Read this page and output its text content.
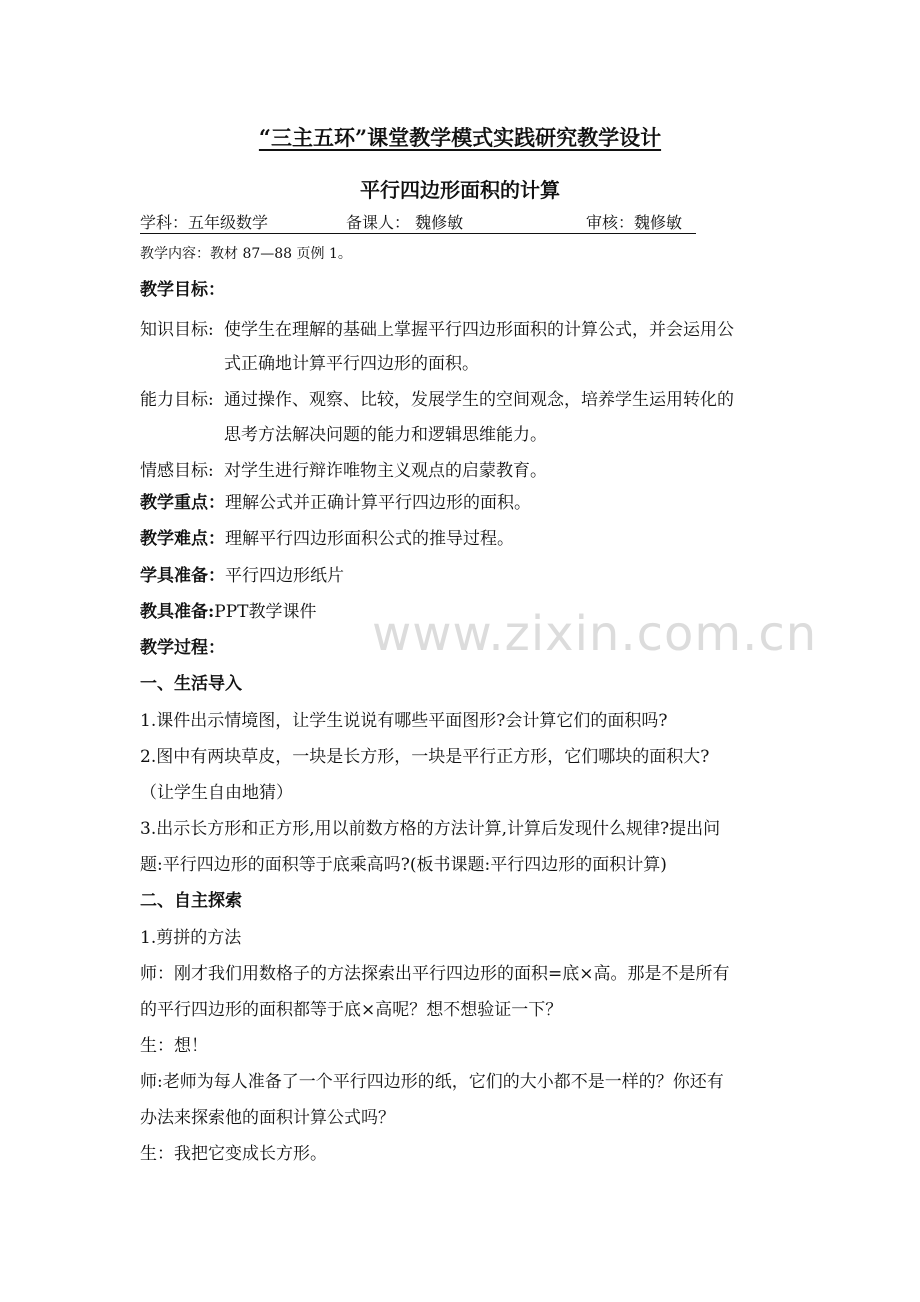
“三主五环”课堂教学模式实践研究教学设计
平行四边形面积的计算
学科：五年级数学	备课人： 魏修敏	审核：魏修敏
教学内容：教材 87—88 页例 1。
教学目标：
知识目标: 使学生在理解的基础上掌握平行四边形面积的计算公式，并会运用公
式正确地计算平行四边形的面积。
能力目标: 通过操作、观察、比较，发展学生的空间观念，培养学生运用转化的
思考方法解决问题的能力和逻辑思维能力。
情感目标: 对学生进行辩诈唯物主义观点的启蒙教育。
教学重点：理解公式并正确计算平行四边形的面积。
教学难点：理解平行四边形面积公式的推导过程。
学具准备：平行四边形纸片
教具准备:PPT教学课件
教学过程：	www.zixin.com.cn
一、生活导入
1.课件出示情境图，让学生说说有哪些平面图形?会计算它们的面积吗?
2.图中有两块草皮，一块是长方形，一块是平行正方形，它们哪块的面积大?
（让学生自由地猜）
3.出示长方形和正方形,用以前数方格的方法计算,计算后发现什么规律?提出问
题:平行四边形的面积等于底乘高吗?(板书课题:平行四边形的面积计算)
二、自主探索
1.剪拼的方法
师：刚才我们用数格子的方法探索出平行四边形的面积=底×高。那是不是所有
的平行四边形的面积都等于底×高呢？想不想验证一下？
生：想！
师:老师为每人准备了一个平行四边形的纸，它们的大小都不是一样的？你还有
办法来探索他的面积计算公式吗？
生：我把它变成长方形。
